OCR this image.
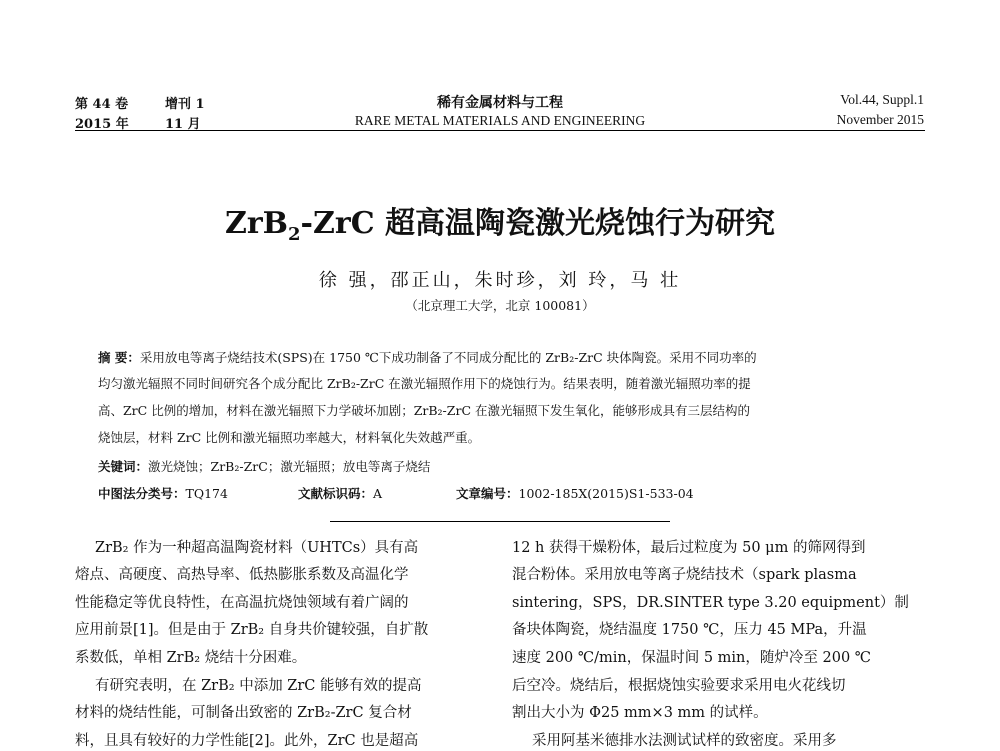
第 44 卷	增刊 1	稀有金属材料与工程	Vol.44, Suppl.1
2015 年	11 月	RARE METAL MATERIALS AND ENGINEERING	November 2015
ZrB$_2$-ZrC 超高温陶瓷激光烧蚀行为研究
徐 强，邵正山，朱时珍，刘 玲，马 壮
（北京理工大学，北京 100081）
摘 要：采用放电等离子烧结技术(SPS)在 1750 ℃下成功制备了不同成分配比的 ZrB₂-ZrC 块体陶瓷。采用不同功率的
均匀激光辐照不同时间研究各个成分配比 ZrB₂-ZrC 在激光辐照作用下的烧蚀行为。结果表明，随着激光辐照功率的提
高、ZrC 比例的增加，材料在激光辐照下力学破坏加剧；ZrB₂-ZrC 在激光辐照下发生氧化，能够形成具有三层结构的
烧蚀层，材料 ZrC 比例和激光辐照功率越大，材料氧化失效越严重。
关键词：激光烧蚀；ZrB₂-ZrC；激光辐照；放电等离子烧结
中图法分类号：TQ174	文献标识码：A	文章编号：1002-185X(2015)S1-533-04
ZrB₂ 作为一种超高温陶瓷材料（UHTCs）具有高
熔点、高硬度、高热导率、低热膨胀系数及高温化学
性能稳定等优良特性，在高温抗烧蚀领域有着广阔的
应用前景[1]。但是由于 ZrB₂ 自身共价键较强，自扩散
系数低，单相 ZrB₂ 烧结十分困难。
有研究表明，在 ZrB₂ 中添加 ZrC 能够有效的提高
材料的烧结性能，可制备出致密的 ZrB₂-ZrC 复合材
料，且具有较好的力学性能[2]。此外，ZrC 也是超高
12 h 获得干燥粉体，最后过粒度为 50 μm 的筛网得到
混合粉体。采用放电等离子烧结技术（spark plasma
sintering，SPS，DR.SINTER type 3.20 equipment）制
备块体陶瓷，烧结温度 1750 ℃，压力 45 MPa，升温
速度 200 ℃/min，保温时间 5 min，随炉冷至 200 ℃
后空冷。烧结后，根据烧蚀实验要求采用电火花线切
割出大小为 Φ25 mm×3 mm 的试样。
采用阿基米德排水法测试试样的致密度。采用多
